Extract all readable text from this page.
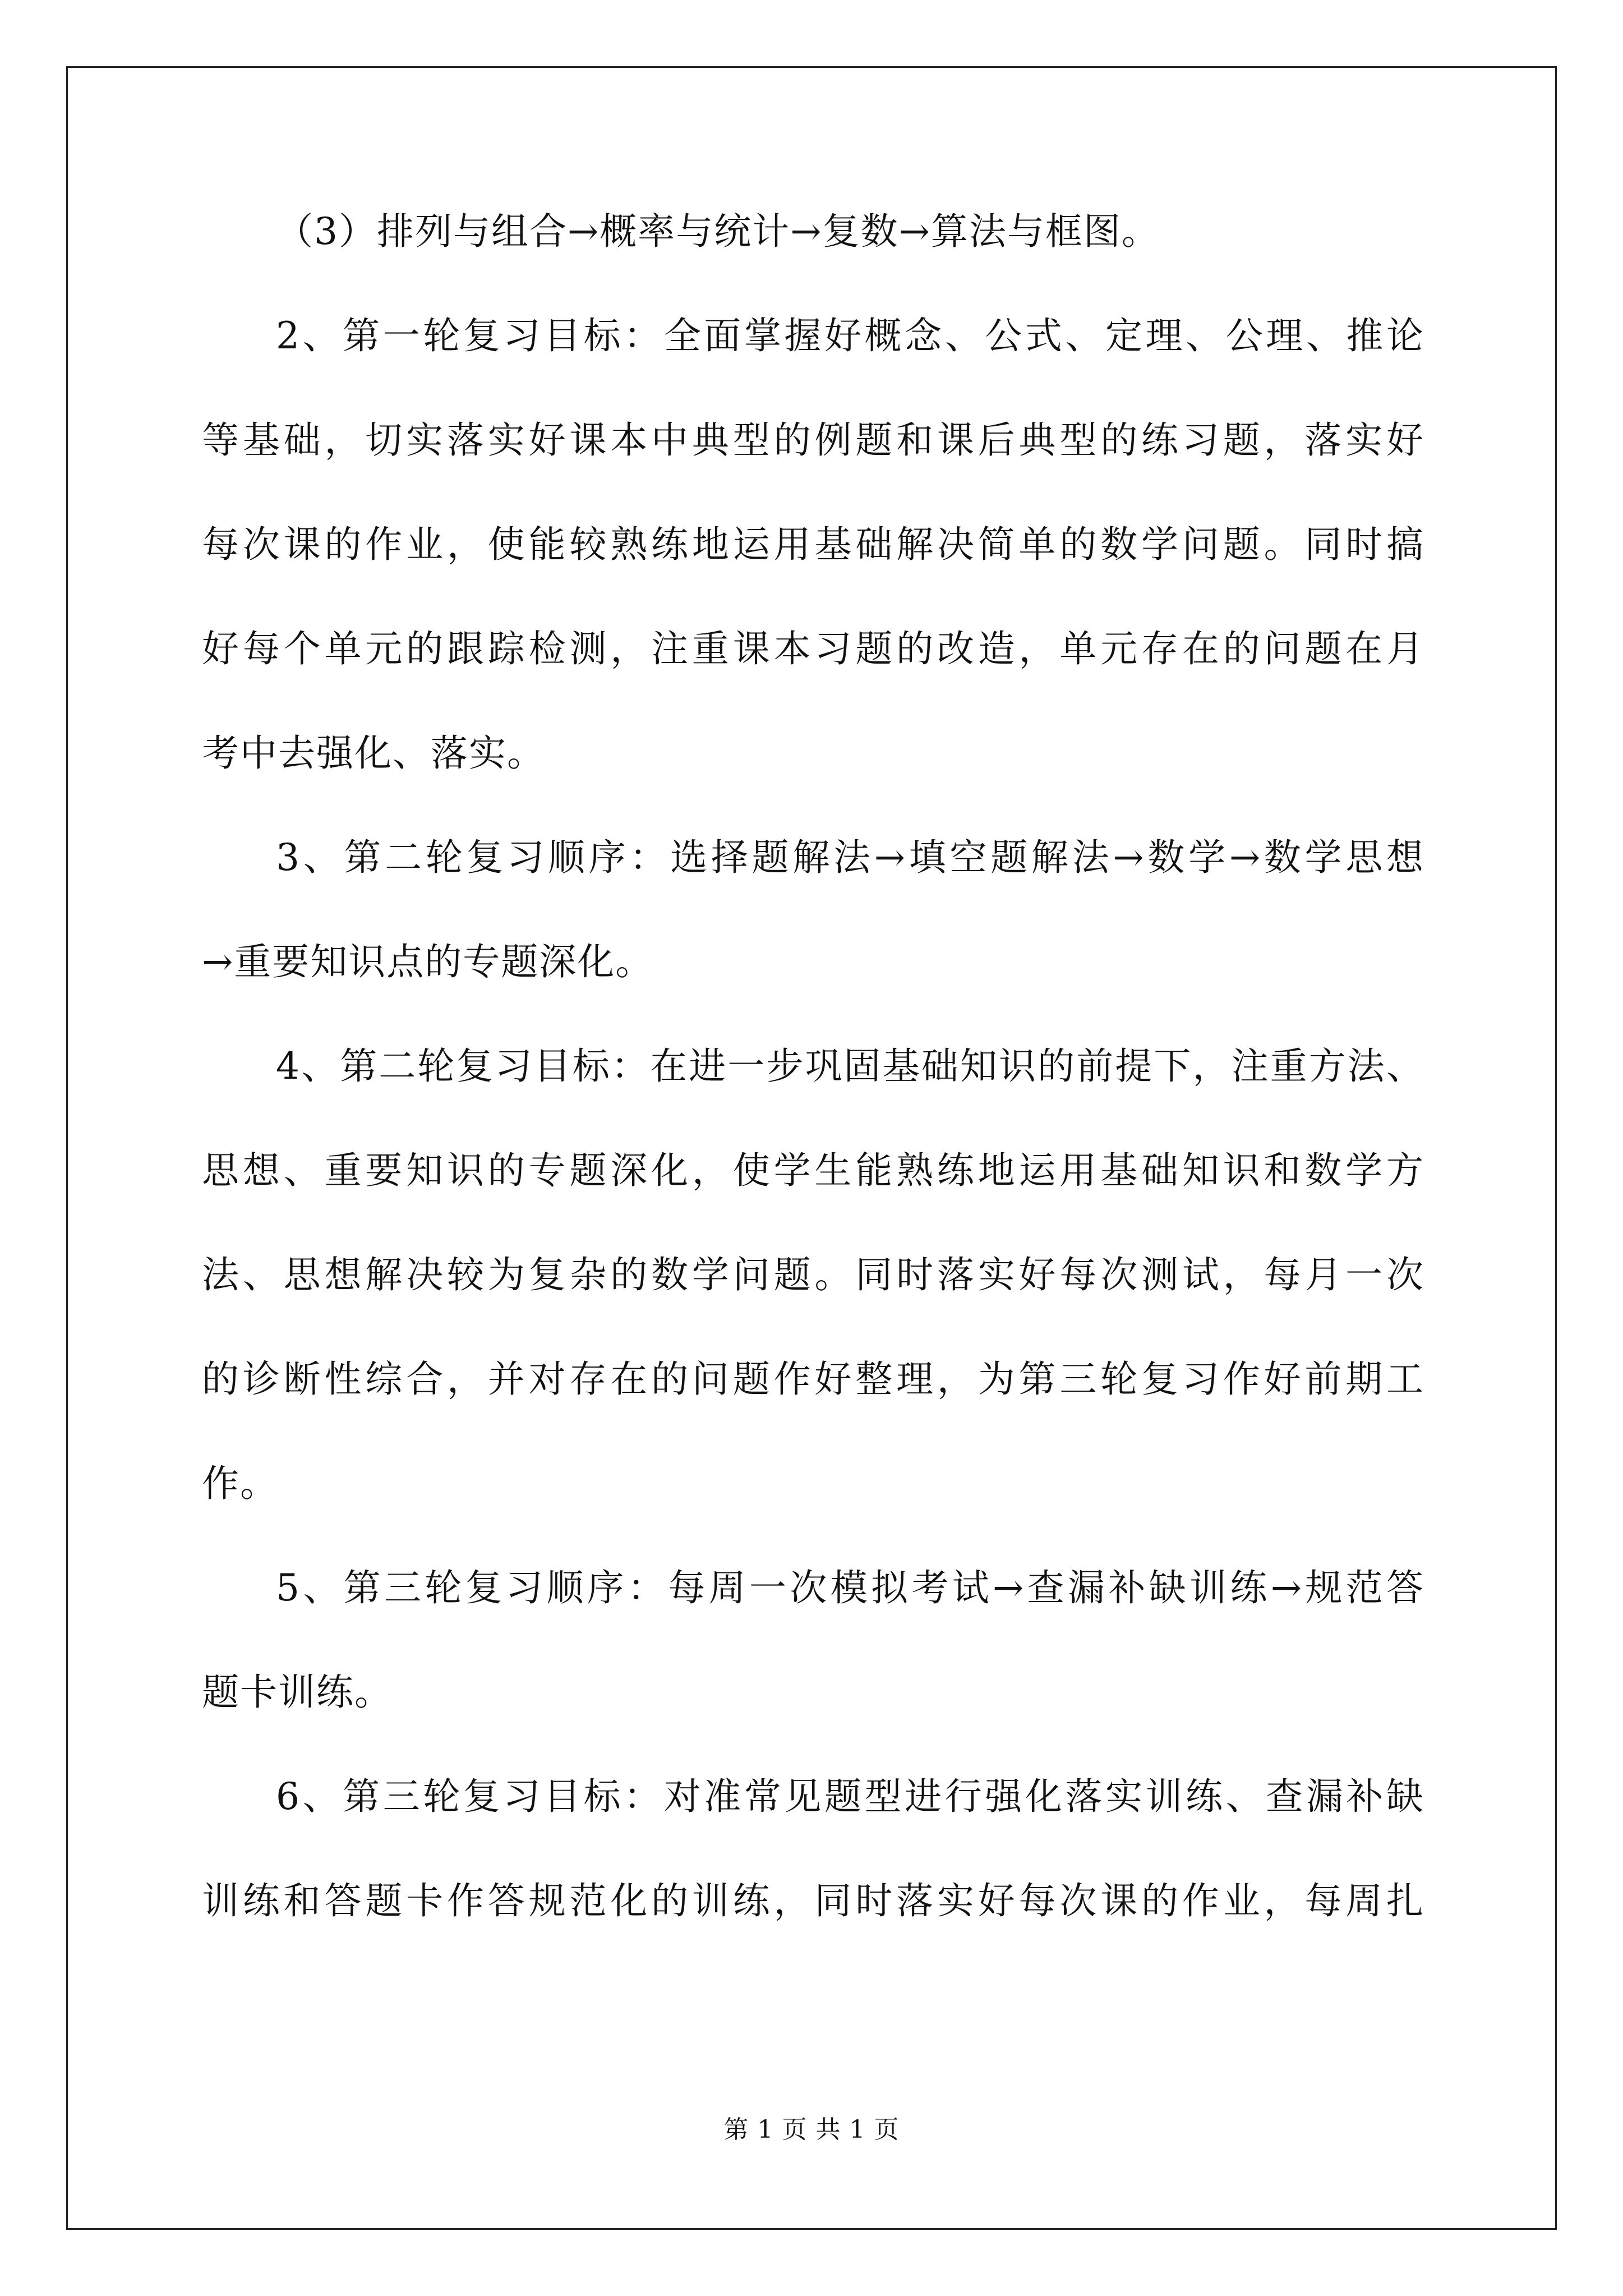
（3）排列与组合→概率与统计→复数→算法与框图。

2、第一轮复习目标：全面掌握好概念、公式、定理、公理、推论

等基础，切实落实好课本中典型的例题和课后典型的练习题，落实好

每次课的作业，使能较熟练地运用基础解决简单的数学问题。同时搞

好每个单元的跟踪检测，注重课本习题的改造，单元存在的问题在月

考中去强化、落实。

3、第二轮复习顺序：选择题解法→填空题解法→数学→数学思想

→重要知识点的专题深化。

4、第二轮复习目标：在进一步巩固基础知识的前提下，注重方法、

思想、重要知识的专题深化，使学生能熟练地运用基础知识和数学方

法、思想解决较为复杂的数学问题。同时落实好每次测试，每月一次

的诊断性综合，并对存在的问题作好整理，为第三轮复习作好前期工

作。

5、第三轮复习顺序：每周一次模拟考试→查漏补缺训练→规范答

题卡训练。

6、第三轮复习目标：对准常见题型进行强化落实训练、查漏补缺

训练和答题卡作答规范化的训练，同时落实好每次课的作业，每周扎

第 1 页 共 1 页
